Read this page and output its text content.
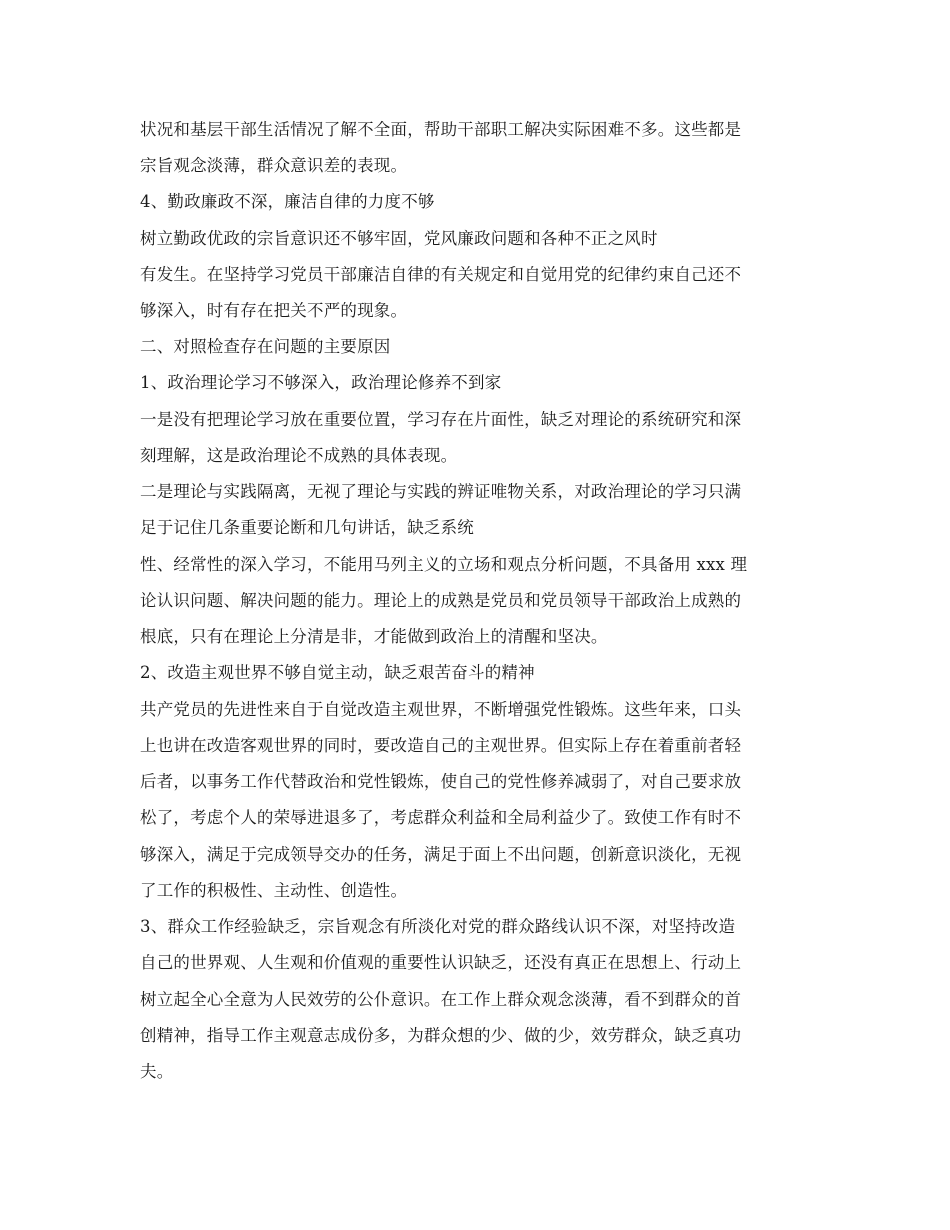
状况和基层干部生活情况了解不全面，帮助干部职工解决实际困难不多。这些都是
宗旨观念淡薄，群众意识差的表现。
4、勤政廉政不深，廉洁自律的力度不够
树立勤政优政的宗旨意识还不够牢固，党风廉政问题和各种不正之风时
有发生。在坚持学习党员干部廉洁自律的有关规定和自觉用党的纪律约束自己还不
够深入，时有存在把关不严的现象。
二、对照检查存在问题的主要原因
1、政治理论学习不够深入，政治理论修养不到家
一是没有把理论学习放在重要位置，学习存在片面性，缺乏对理论的系统研究和深
刻理解，这是政治理论不成熟的具体表现。
二是理论与实践隔离，无视了理论与实践的辨证唯物关系，对政治理论的学习只满
足于记住几条重要论断和几句讲话，缺乏系统
性、经常性的深入学习，不能用马列主义的立场和观点分析问题，不具备用 xxx 理
论认识问题、解决问题的能力。理论上的成熟是党员和党员领导干部政治上成熟的
根底，只有在理论上分清是非，才能做到政治上的清醒和坚决。
2、改造主观世界不够自觉主动，缺乏艰苦奋斗的精神
共产党员的先进性来自于自觉改造主观世界，不断增强党性锻炼。这些年来，口头
上也讲在改造客观世界的同时，要改造自己的主观世界。但实际上存在着重前者轻
后者，以事务工作代替政治和党性锻炼，使自己的党性修养减弱了，对自己要求放
松了，考虑个人的荣辱进退多了，考虑群众利益和全局利益少了。致使工作有时不
够深入，满足于完成领导交办的任务，满足于面上不出问题，创新意识淡化，无视
了工作的积极性、主动性、创造性。
3、群众工作经验缺乏，宗旨观念有所淡化对党的群众路线认识不深，对坚持改造
自己的世界观、人生观和价值观的重要性认识缺乏，还没有真正在思想上、行动上
树立起全心全意为人民效劳的公仆意识。在工作上群众观念淡薄，看不到群众的首
创精神，指导工作主观意志成份多，为群众想的少、做的少，效劳群众，缺乏真功
夫。
